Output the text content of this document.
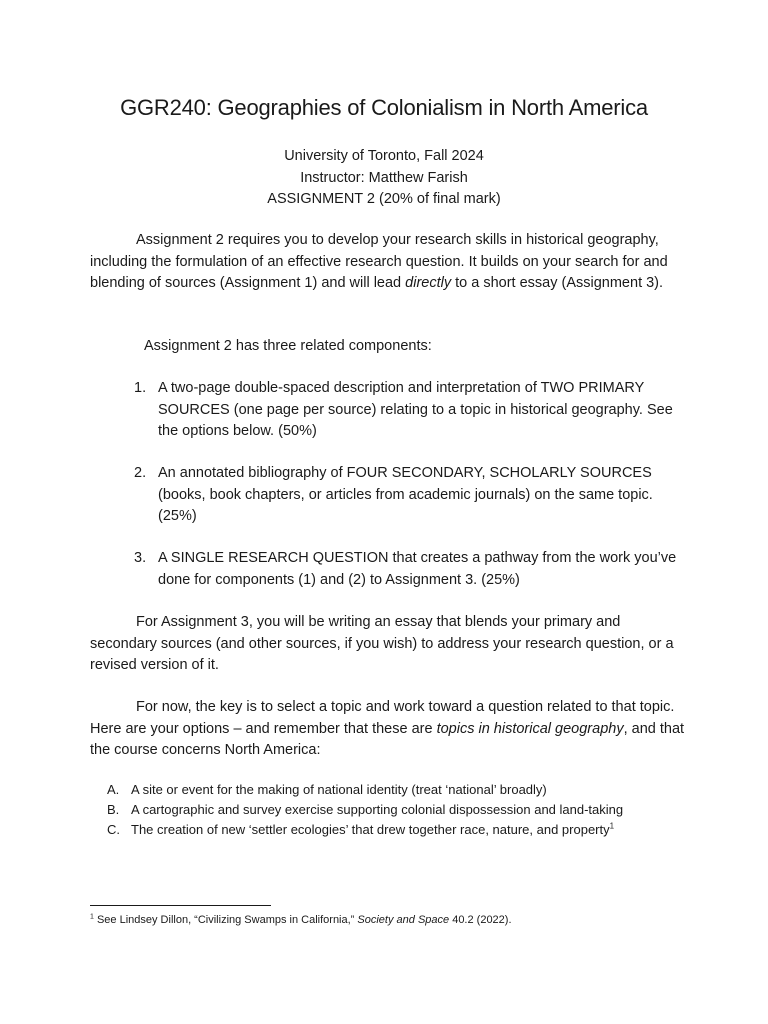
GGR240: Geographies of Colonialism in North America
University of Toronto, Fall 2024
Instructor: Matthew Farish
ASSIGNMENT 2 (20% of final mark)

Assignment 2 requires you to develop your research skills in historical geography, including the formulation of an effective research question. It builds on your search for and blending of sources (Assignment 1) and will lead directly to a short essay (Assignment 3).

Assignment 2 has three related components:
1. A two-page double-spaced description and interpretation of TWO PRIMARY SOURCES (one page per source) relating to a topic in historical geography. See the options below. (50%)
2. An annotated bibliography of FOUR SECONDARY, SCHOLARLY SOURCES (books, book chapters, or articles from academic journals) on the same topic. (25%)
3. A SINGLE RESEARCH QUESTION that creates a pathway from the work you’ve done for components (1) and (2) to Assignment 3. (25%)

For Assignment 3, you will be writing an essay that blends your primary and secondary sources (and other sources, if you wish) to address your research question, or a revised version of it.

For now, the key is to select a topic and work toward a question related to that topic. Here are your options – and remember that these are topics in historical geography, and that the course concerns North America:

A. A site or event for the making of national identity (treat ‘national’ broadly)
B. A cartographic and survey exercise supporting colonial dispossession and land-taking
C. The creation of new ‘settler ecologies’ that drew together race, nature, and property$^1$
$^1$ See Lindsey Dillon, “Civilizing Swamps in California,” Society and Space 40.2 (2022).
